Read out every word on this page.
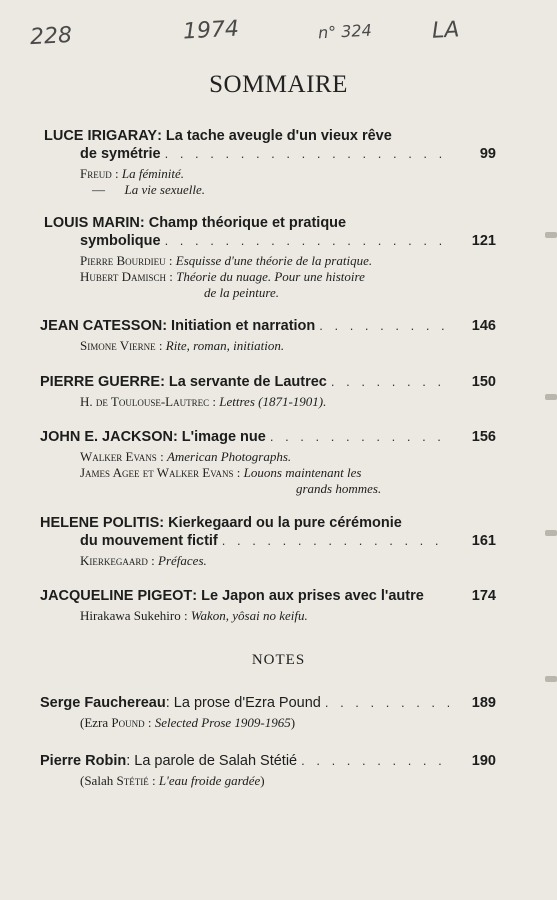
228	1974	n° 324	LA
SOMMAIRE
LUCE IRIGARAY : La tache aveugle d'un vieux rêve
de symétrie . . .	99
Freud : La féminité.
— La vie sexuelle.
LOUIS MARIN : Champ théorique et pratique
symbolique . . .	121
Pierre Bourdieu : Esquisse d'une théorie de la pratique.
Hubert Damisch : Théorie du nuage. Pour une histoire
de la peinture.
JEAN CATESSON : Initiation et narration . . .	146
Simone Vierne : Rite, roman, initiation.
PIERRE GUERRE : La servante de Lautrec . . .	150
H. de Toulouse-Lautrec : Lettres (1871-1901).
JOHN E. JACKSON : L'image nue . . .	156
Walker Evans : American Photographs.
James Agee et Walker Evans : Louons maintenant les
grands hommes.
HELENE POLITIS : Kierkegaard ou la pure cérémonie
du mouvement fictif . . .	161
Kierkegaard : Préfaces.
JACQUELINE PIGEOT : Le Japon aux prises avec l'autre	174
Hirakawa Sukehiro : Wakon, yôsai no keifu.
NOTES
Serge Fauchereau : La prose d'Ezra Pound . . .	189
(Ezra Pound : Selected Prose 1909-1965)
Pierre Robin : La parole de Salah Stétié . . .	190
(Salah Stétié : L'eau froide gardée)
